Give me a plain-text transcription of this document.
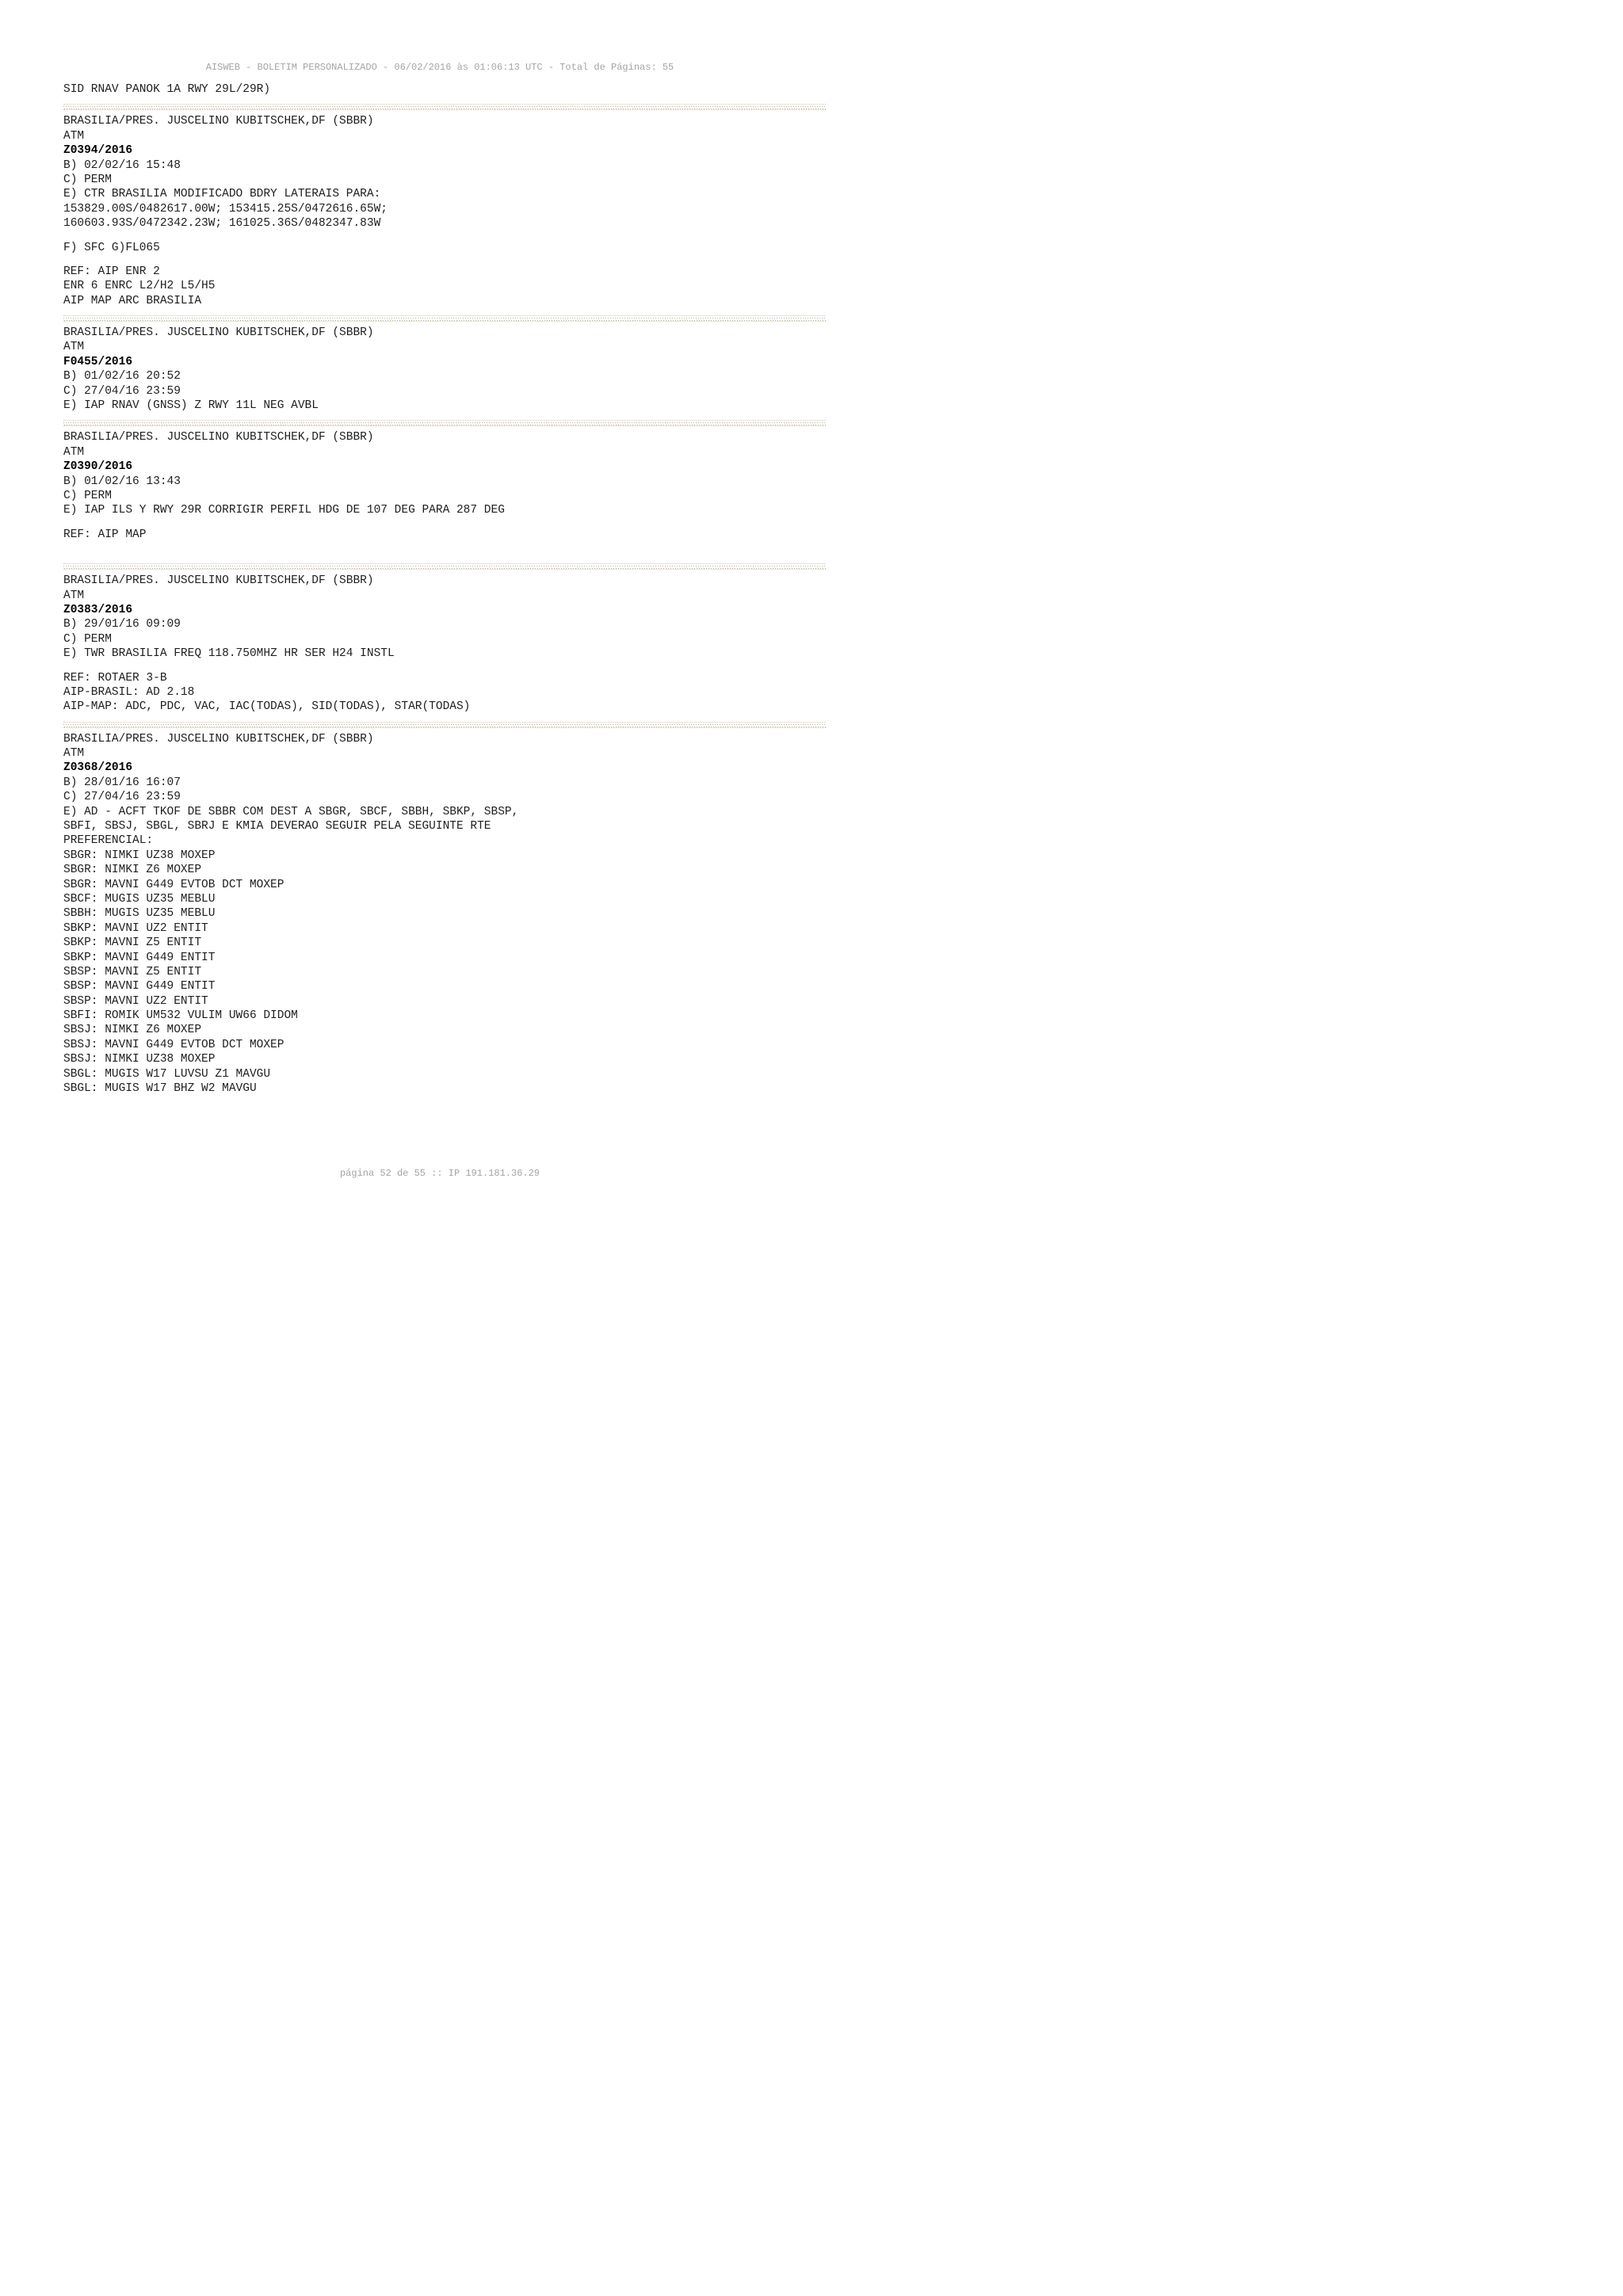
AISWEB - BOLETIM PERSONALIZADO - 06/02/2016 às 01:06:13 UTC - Total de Páginas: 55
SID RNAV PANOK 1A RWY 29L/29R)
BRASILIA/PRES. JUSCELINO KUBITSCHEK,DF (SBBR)
ATM
Z0394/2016
B) 02/02/16 15:48
C) PERM
E) CTR BRASILIA MODIFICADO BDRY LATERAIS PARA:
153829.00S/0482617.00W; 153415.25S/0472616.65W;
160603.93S/0472342.23W; 161025.36S/0482347.83W
F) SFC G)FL065
REF: AIP ENR 2
ENR 6 ENRC L2/H2 L5/H5
AIP MAP ARC BRASILIA
BRASILIA/PRES. JUSCELINO KUBITSCHEK,DF (SBBR)
ATM
F0455/2016
B) 01/02/16 20:52
C) 27/04/16 23:59
E) IAP RNAV (GNSS) Z RWY 11L NEG AVBL
BRASILIA/PRES. JUSCELINO KUBITSCHEK,DF (SBBR)
ATM
Z0390/2016
B) 01/02/16 13:43
C) PERM
E) IAP ILS Y RWY 29R CORRIGIR PERFIL HDG DE 107 DEG PARA 287 DEG
REF: AIP MAP
BRASILIA/PRES. JUSCELINO KUBITSCHEK,DF (SBBR)
ATM
Z0383/2016
B) 29/01/16 09:09
C) PERM
E) TWR BRASILIA FREQ 118.750MHZ HR SER H24 INSTL
REF: ROTAER 3-B
AIP-BRASIL: AD 2.18
AIP-MAP: ADC, PDC, VAC, IAC(TODAS), SID(TODAS), STAR(TODAS)
BRASILIA/PRES. JUSCELINO KUBITSCHEK,DF (SBBR)
ATM
Z0368/2016
B) 28/01/16 16:07
C) 27/04/16 23:59
E) AD - ACFT TKOF DE SBBR COM DEST A SBGR, SBCF, SBBH, SBKP, SBSP,
SBFI, SBSJ, SBGL, SBRJ E KMIA DEVERAO SEGUIR PELA SEGUINTE RTE
PREFERENCIAL:
SBGR: NIMKI UZ38 MOXEP
SBGR: NIMKI Z6 MOXEP
SBGR: MAVNI G449 EVTOB DCT MOXEP
SBCF: MUGIS UZ35 MEBLU
SBBH: MUGIS UZ35 MEBLU
SBKP: MAVNI UZ2 ENTIT
SBKP: MAVNI Z5 ENTIT
SBKP: MAVNI G449 ENTIT
SBSP: MAVNI Z5 ENTIT
SBSP: MAVNI G449 ENTIT
SBSP: MAVNI UZ2 ENTIT
SBFI: ROMIK UM532 VULIM UW66 DIDOM
SBSJ: NIMKI Z6 MOXEP
SBSJ: MAVNI G449 EVTOB DCT MOXEP
SBSJ: NIMKI UZ38 MOXEP
SBGL: MUGIS W17 LUVSU Z1 MAVGU
SBGL: MUGIS W17 BHZ W2 MAVGU
página 52 de 55 :: IP 191.181.36.29
